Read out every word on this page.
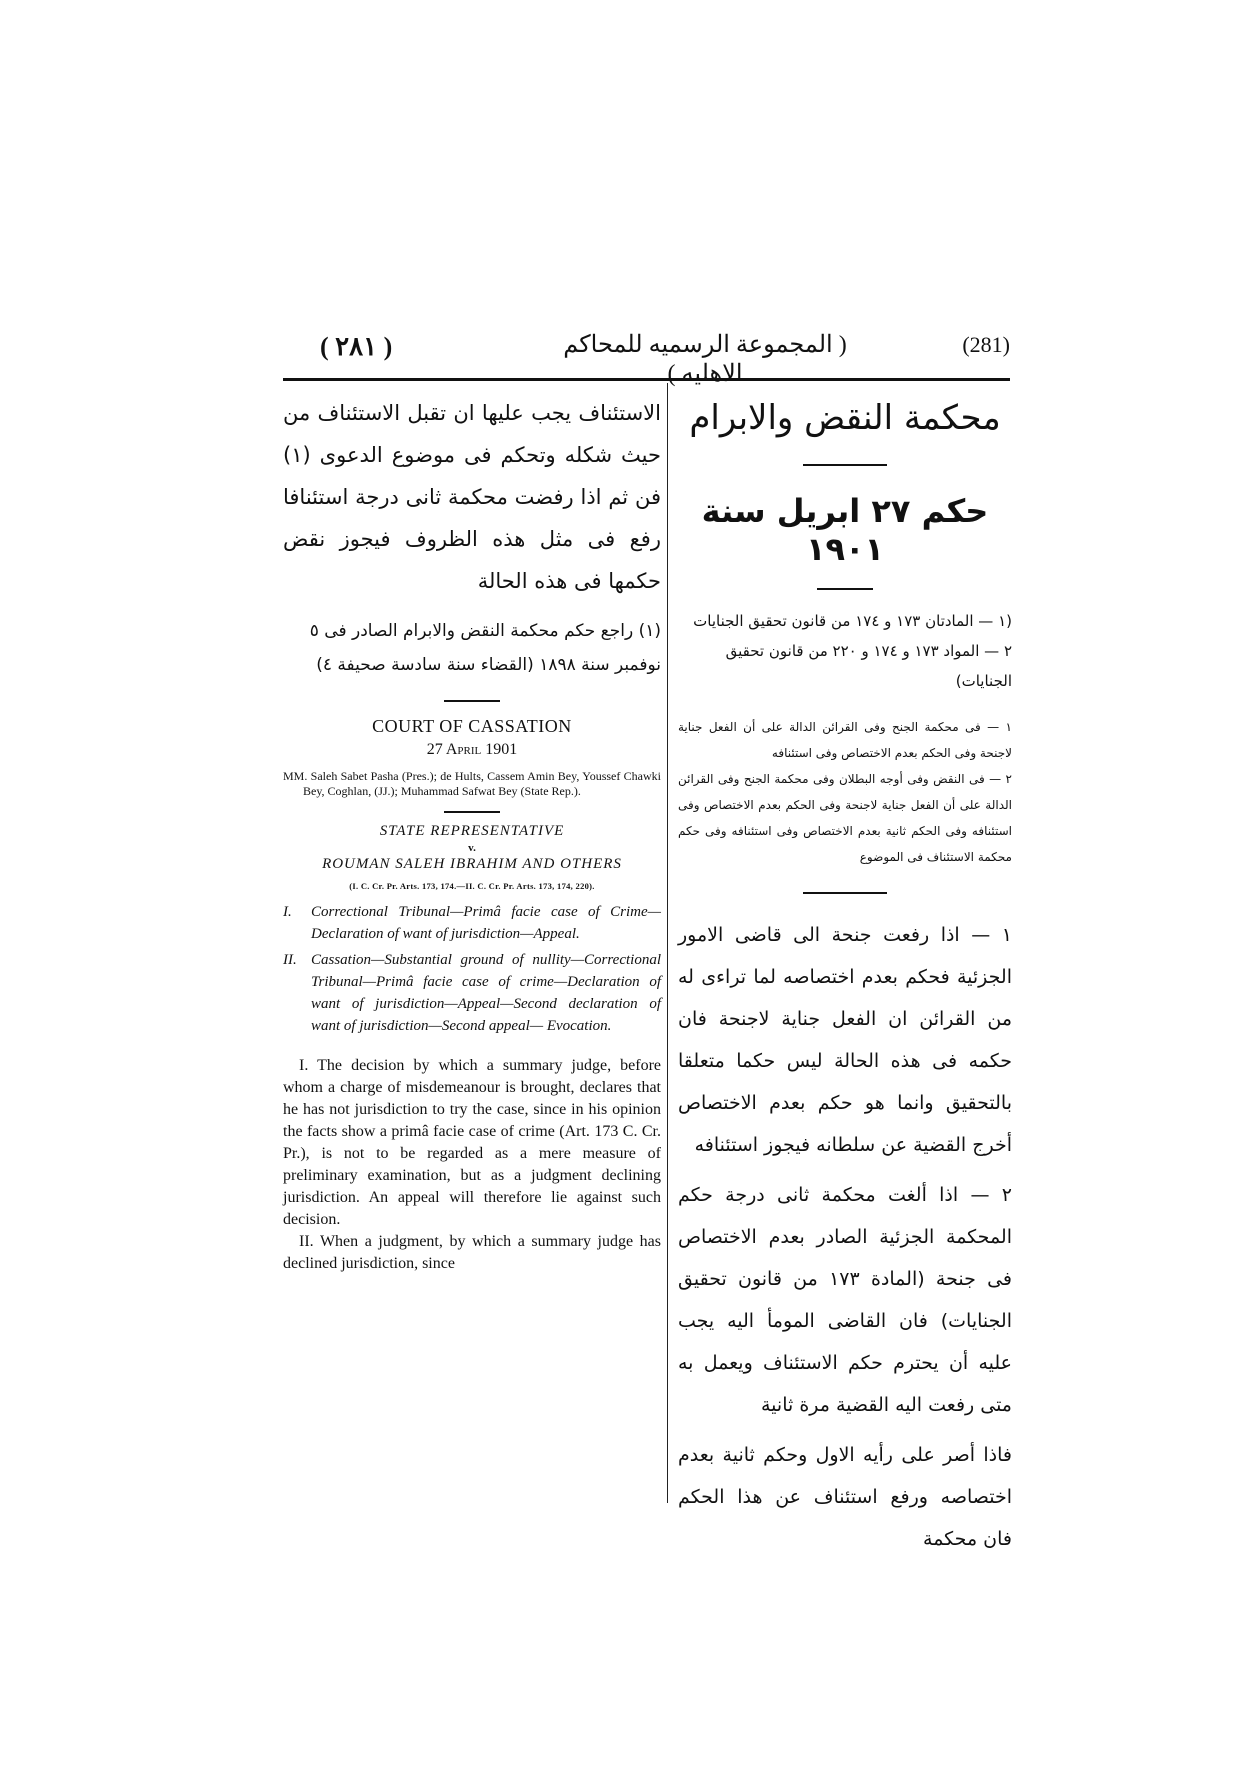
( ٢٨١ )	( المجموعة الرسميه للمحاكم الاهليه )
(281)
الاستئناف يجب عليها ان تقبل الاستئناف من حيث شكله وتحكم فى موضوع الدعوى (١) فن ثم اذا رفضت محكمة ثانى درجة استئنافا رفع فى مثل هذه الظروف فيجوز نقض حكمها فى هذه الحالة
(١) راجع حكم محكمة النقض والابرام الصادر فى ٥ نوفمبر سنة ١٨٩٨ (القضاء سنة سادسة صحيفة ٤)
COURT OF CASSATION
27 April 1901
MM. Saleh Sabet Pasha (Pres.); de Hults, Cassem Amin Bey, Youssef Chawki Bey, Coghlan, (JJ.); Muhammad Safwat Bey (State Rep.).
STATE REPRESENTATIVE
v.
ROUMAN SALEH IBRAHIM AND OTHERS
(I. C. Cr. Pr. Arts. 173, 174.—II. C. Cr. Pr. Arts. 173, 174, 220).
I. Correctional Tribunal—Primâ facie case of Crime—Declaration of want of jurisdiction—Appeal.
II. Cassation—Substantial ground of nullity—Correctional Tribunal—Primâ facie case of crime—Declaration of want of jurisdiction—Appeal—Second declaration of want of jurisdiction—Second appeal— Evocation.

I. The decision by which a summary judge, before whom a charge of misdemeanour is brought, declares that he has not jurisdiction to try the case, since in his opinion the facts show a primâ facie case of crime (Art. 173 C. Cr. Pr.), is not to be regarded as a mere measure of preliminary examination, but as a judgment declining jurisdiction. An appeal will therefore lie against such decision.

II. When a judgment, by which a summary judge has declined jurisdiction, since

محكمة النقض والابرام
حكم ٢٧ ابريل سنة ١٩٠١
(١ — المادتان ١٧٣ و ١٧٤ من قانون تحقيق الجنايات
٢ — المواد ١٧٣ و ١٧٤ و ٢٢٠ من قانون تحقيق الجنايات)
١ — فى محكمة الجنح وفى القرائن الدالة على أن الفعل جناية لاجنحة وفى الحكم بعدم الاختصاص وفى استئنافه
٢ — فى النقض وفى أوجه البطلان وفى محكمة الجنح وفى القرائن الدالة على أن الفعل جناية لاجنحة وفى الحكم بعدم الاختصاص وفى استئنافه وفى الحكم ثانية بعدم الاختصاص وفى استئنافه وفى حكم محكمة الاستئناف فى الموضوع

١ — اذا رفعت جنحة الى قاضى الامور الجزئية فحكم بعدم اختصاصه لما تراءى له من القرائن ان الفعل جناية لاجنحة فان حكمه فى هذه الحالة ليس حكما متعلقا بالتحقيق وانما هو حكم بعدم الاختصاص أخرج القضية عن سلطانه فيجوز استئنافه

٢ — اذا ألغت محكمة ثانى درجة حكم المحكمة الجزئية الصادر بعدم الاختصاص فى جنحة (المادة ١٧٣ من قانون تحقيق الجنايات) فان القاضى المومأ اليه يجب عليه أن يحترم حكم الاستئناف ويعمل به متى رفعت اليه القضية مرة ثانية

فاذا أصر على رأيه الاول وحكم ثانية بعدم اختصاصه ورفع استئناف عن هذا الحكم فان محكمة
